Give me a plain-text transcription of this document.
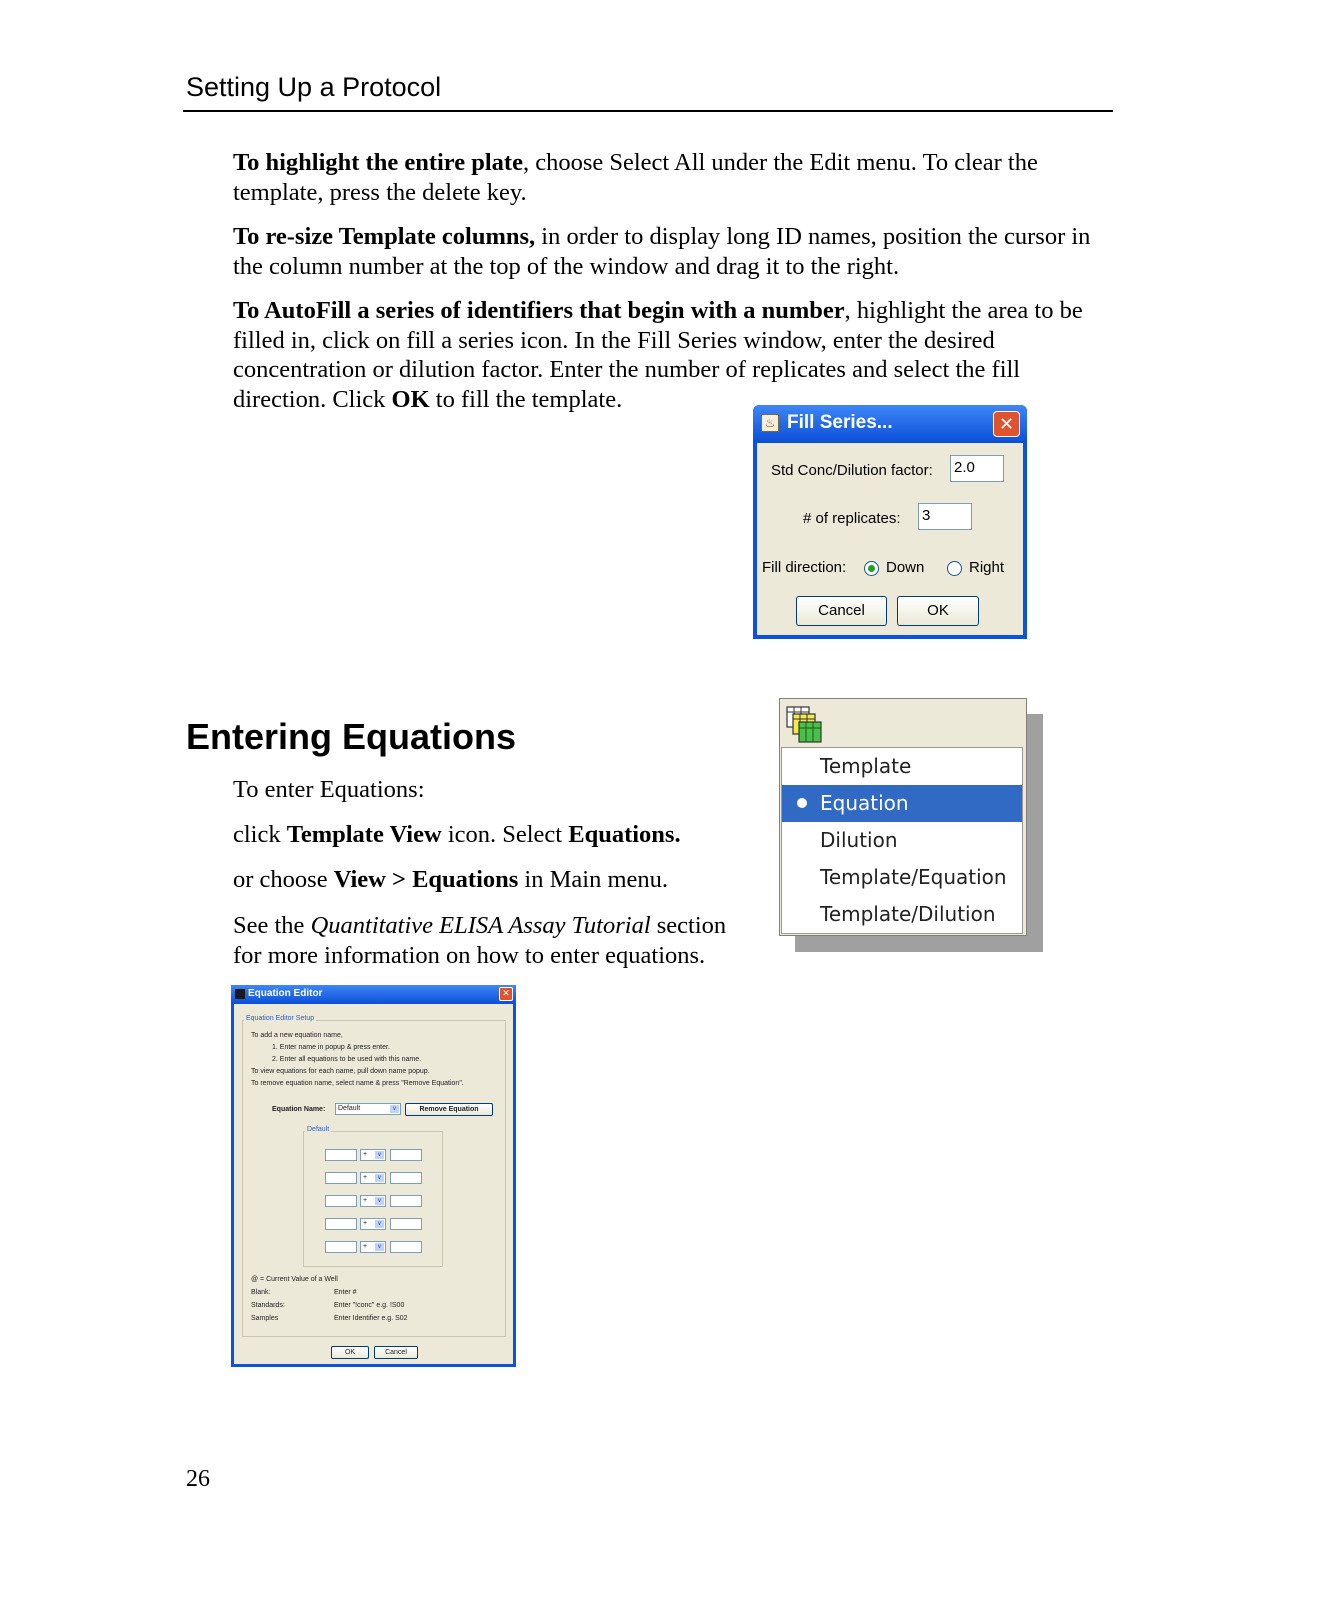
Setting Up a Protocol

To highlight the entire plate, choose Select All under the Edit menu. To clear the template, press the delete key.

To re-size Template columns, in order to display long ID names, position the cursor in the column number at the top of the window and drag it to the right.

To AutoFill a series of identifiers that begin with a number, highlight the area to be filled in, click on fill a series icon. In the Fill Series window, enter the desired concentration or dilution factor. Enter the number of replicates and select the fill direction. Click OK to fill the template.

♨ Fill Series...	✕
Std Conc/Dilution factor: 2.0
# of replicates: 3
Fill direction:	Down	Right
Cancel	OK
Entering Equations

To enter Equations:

click Template View icon. Select Equations.

or choose View > Equations in Main menu.

See the Quantitative ELISA Assay Tutorial section for more information on how to enter equations.

Template
Equation
Dilution
Template/Equation
Template/Dilution
Equation Editor	✕
Equation Editor Setup
To add a new equation name,
1. Enter name in popup & press enter.
2. Enter all equations to be used with this name.
To view equations for each name, pull down name popup.
To remove equation name, select name & press "Remove Equation".
Equation Name:	Default	∨	Remove Equation
Default
+	∨
+	∨
+	∨
+	∨
+	∨
@ = Current Value of a Well
Blank:	Enter #
Standards:	Enter "!conc" e.g. !S00
Samples	Enter Identifier e.g. S02
OK	Cancel
26
